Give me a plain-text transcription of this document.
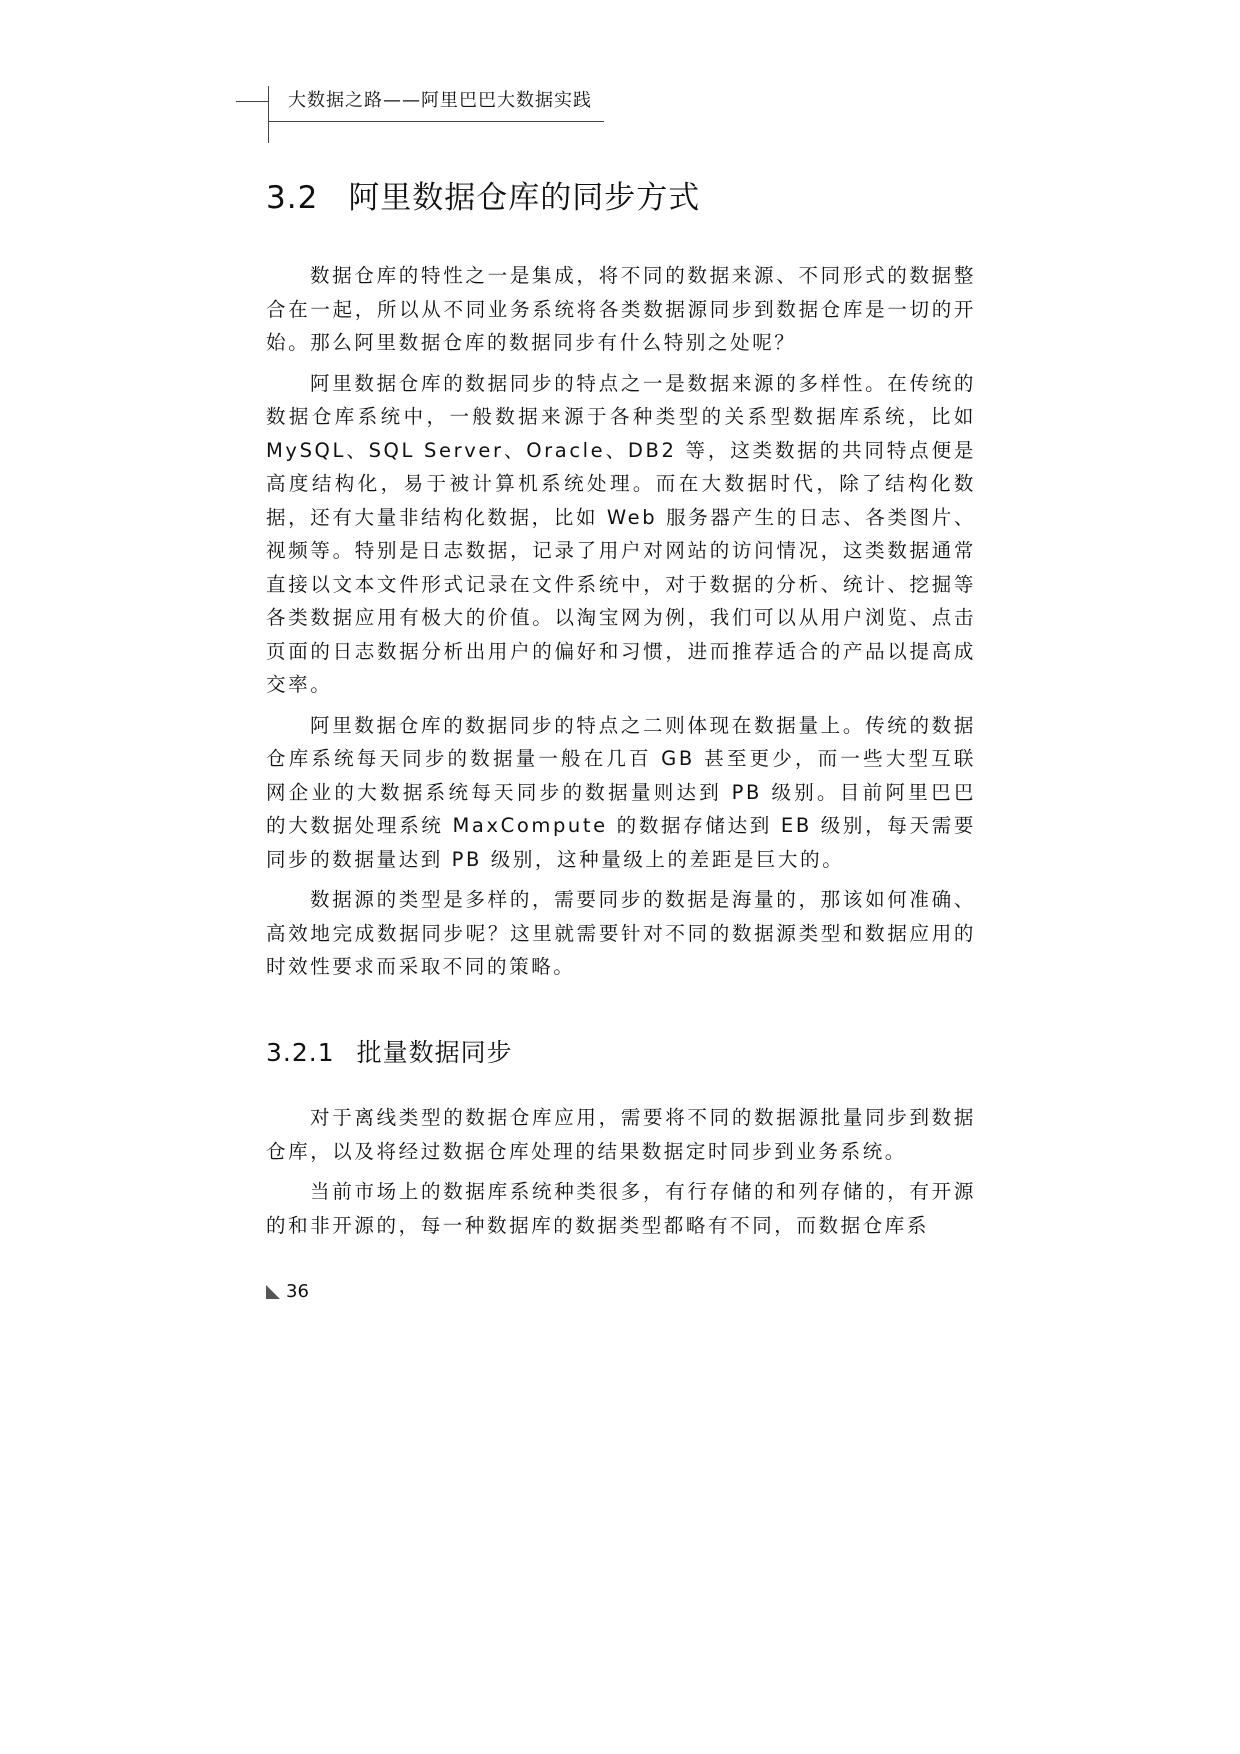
大数据之路——阿里巴巴大数据实践
3.2 阿里数据仓库的同步方式

数据仓库的特性之一是集成，将不同的数据来源、不同形式的数据整合在一起，所以从不同业务系统将各类数据源同步到数据仓库是一切的开始。那么阿里数据仓库的数据同步有什么特别之处呢？

阿里数据仓库的数据同步的特点之一是数据来源的多样性。在传统的数据仓库系统中，一般数据来源于各种类型的关系型数据库系统，比如 MySQL、SQL Server、Oracle、DB2 等，这类数据的共同特点便是高度结构化，易于被计算机系统处理。而在大数据时代，除了结构化数据，还有大量非结构化数据，比如 Web 服务器产生的日志、各类图片、视频等。特别是日志数据，记录了用户对网站的访问情况，这类数据通常直接以文本文件形式记录在文件系统中，对于数据的分析、统计、挖掘等各类数据应用有极大的价值。以淘宝网为例，我们可以从用户浏览、点击页面的日志数据分析出用户的偏好和习惯，进而推荐适合的产品以提高成交率。

阿里数据仓库的数据同步的特点之二则体现在数据量上。传统的数据仓库系统每天同步的数据量一般在几百 GB 甚至更少，而一些大型互联网企业的大数据系统每天同步的数据量则达到 PB 级别。目前阿里巴巴的大数据处理系统 MaxCompute 的数据存储达到 EB 级别，每天需要同步的数据量达到 PB 级别，这种量级上的差距是巨大的。

数据源的类型是多样的，需要同步的数据是海量的，那该如何准确、高效地完成数据同步呢？这里就需要针对不同的数据源类型和数据应用的时效性要求而采取不同的策略。

3.2.1 批量数据同步

对于离线类型的数据仓库应用，需要将不同的数据源批量同步到数据仓库，以及将经过数据仓库处理的结果数据定时同步到业务系统。

当前市场上的数据库系统种类很多，有行存储的和列存储的，有开源的和非开源的，每一种数据库的数据类型都略有不同，而数据仓库系

36
